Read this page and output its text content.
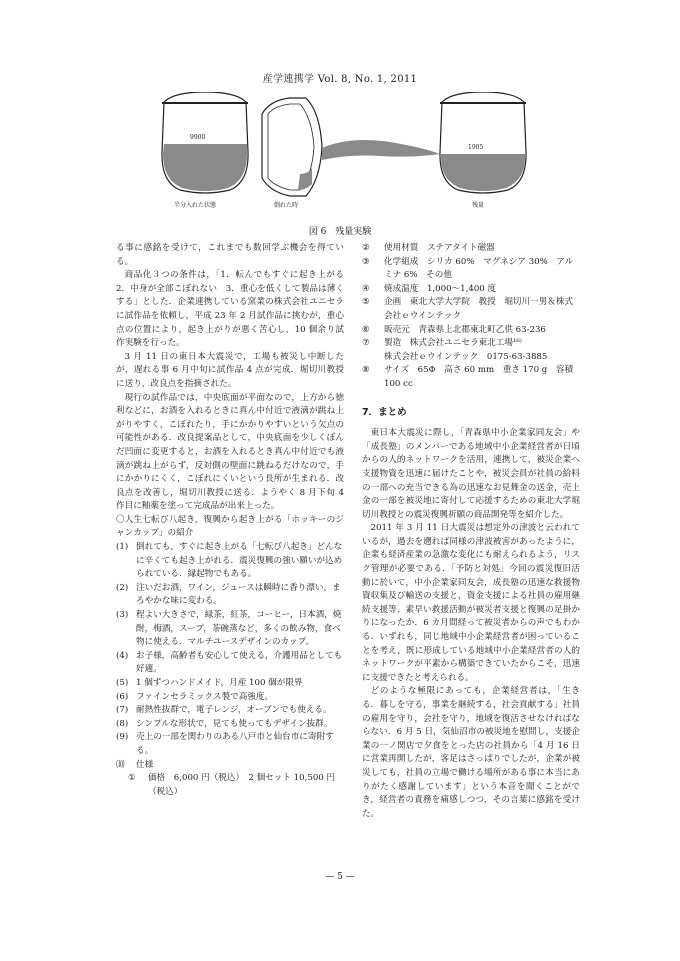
産学連携学 Vol. 8, No. 1, 2011
9900
1905
半分入れた状態	倒れた時	残量
図 6　残量実験

る事に感銘を受けて，これまでも数回学ぶ機会を得ている。

商品化３つの条件は，「1．転んでもすぐに起き上がる　2．中身が全部こぼれない　3．重心を低くして製品は薄くする」とした．企業連携している窯業の株式会社ユニセラに試作品を依頼し，平成 23 年 2 月試作品に挑むが，重心点の位置により，起き上がりが悪く苦心し，10 個余り試作実験を行った。

3 月 11 日の東日本大震災で，工場も被災し中断したが，遅れる事 6 月中旬に試作品 4 点が完成．堀切川教授に送り，改良点を指摘された。

現行の試作品では，中央底面が平面なので，上方から徳利などに，お酒を入れるときに真ん中付近で液滴が跳ね上がりやすく，こぼれたり，手にかかりやすいという欠点の可能性がある．改良提案品として，中央底面を少しくぼんだ凹面に変更すると，お酒を入れるとき真ん中付近でも液滴が跳ね上がらず，反対側の壁面に跳ねるだけなので，手にかかりにくく，こぼれにくいという長所が生まれる．改良点を改善し，堀切川教授に送る．ようやく 8 月下旬 4 作目に釉薬を塗って完成品が出来上った。

〇人生七転び八起き，復興から起き上がる「ホッキーのジャンカップ」の紹介

(1) 倒れても，すぐに起き上がる「七転び八起き」どんなに辛くても起き上がれる．震災復興の強い願いが込められている．縁起物でもある。
(2) 注いだお酒，ワイン，ジュースは瞬時に香り漂い，まろやかな味に変わる。
(3) 程よい大きさで，緑茶，紅茶，コーヒー，日本酒，焼酎，梅酒，スープ，茶碗蒸など，多くの飲み物，食べ物に使える．マルチユースデザインのカップ。
(4) お子様，高齢者も安心して使える，介護用品としても好適。
(5) 1 個ずつハンドメイド，月産 100 個が限界
(6) ファインセラミックス製で高強度。
(7) 耐熱性抜群で，電子レンジ，オーブンでも使える。
(8) シンプルな形状で，見ても使ってもデザイン抜群。
(9) 売上の一部を関わりのある八戸市と仙台市に寄附する。
⑽	仕様
①	価格　6,000 円（税込）　2 個セット 10,500 円（税込）
②	使用材質　ステアタイト磁器
③	化学組成　シリカ 60%　マグネシア 30%　アルミナ 6%　その他
④	焼成温度　1,000～1,400 度
⑤	企画　東北大学大学院　教授　堀切川一男＆株式会社ｅウインテック
⑥	販売元　青森県上北郡東北町乙供 63-236
⑦	製造　株式会社ユニセラ東北工場¹⁶⁾

株式会社ｅウインテック　0175-63-3885

⑧	サイズ　65Φ　高さ 60 mm　重さ 170 g　容積 100 cc

7．まとめ

東日本大震災に際し，「青森県中小企業家同友会」や「成長塾」のメンバーである地域中小企業経営者が日頃からの人的ネットワークを活用，連携して，被災企業へ支援物資を迅速に届けたことや，被災会員が社員の給料の一部への充当できる為の迅速なお見舞金の送金，売上金の一部を被災地に寄付して応援するための東北大学堀切川教授との震災復興祈願の商品開発等を紹介した。

2011 年 3 月 11 日大震災は想定外の津波と云われているが，過去を遡れば同様の津波被害があったように，企業も経済産業の急激な変化にも耐えられるよう，リスク管理が必要である．「予防と対処」今回の震災復旧活動に於いて，中小企業家同友会，成長塾の迅速な救援物資収集及び輸送の支援と，資金支援による社員の雇用継続支援等，素早い救援活動が被災者支援と復興の足掛かりになったか．6 カ月間経って被災者からの声でもわかる．いずれも，同じ地域中小企業経営者が困っていることを考え，既に形成している地域中小企業経営者の人的ネットワークが平素から構築できていたからこそ，迅速に支援できたと考えられる。

どのような極限にあっても，企業経営者は，「生きる．暮しを守る，事業を継続する，社会貢献する」社員の雇用を守り，会社を守り，地域を復活させなければならない．6 月 5 日，気仙沼市の被災地を慰問し，支援企業の一ノ関店で夕食をとった店の社員から「4 月 16 日に営業再開したが，客足はさっぱりでしたが，企業が被災しても，社員の立場で働ける場所がある事に本当にありがたく感謝しています」という本音を聞くことができ，経営者の責務を痛感しつつ，その言葉に感銘を受けた。

— 5 —
